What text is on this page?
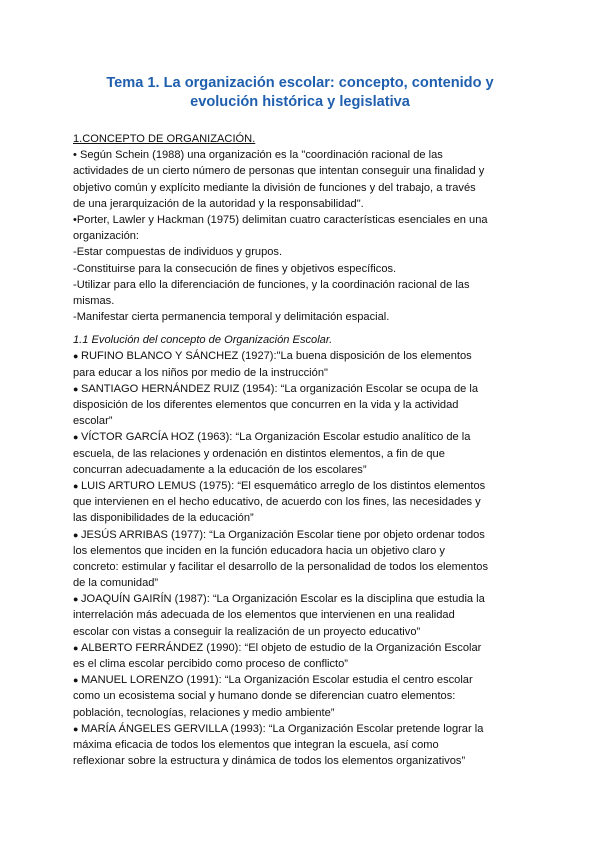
Tema 1. La organización escolar: concepto, contenido y
evolución histórica y legislativa
1.CONCEPTO DE ORGANIZACIÓN.
• Según Schein (1988) una organización es la "coordinación racional de las
actividades de un cierto número de personas que intentan conseguir una finalidad y
objetivo común y explícito mediante la división de funciones y del trabajo, a través
de una jerarquización de la autoridad y la responsabilidad".
•Porter, Lawler y Hackman (1975) delimitan cuatro características esenciales en una
organización:
-Estar compuestas de individuos y grupos.
-Constituirse para la consecución de fines y objetivos específicos.
-Utilizar para ello la diferenciación de funciones, y la coordinación racional de las
mismas.
-Manifestar cierta permanencia temporal y delimitación espacial.
1.1 Evolución del concepto de Organización Escolar.
● RUFINO BLANCO Y SÁNCHEZ (1927):"La buena disposición de los elementos
para educar a los niños por medio de la instrucción"
● SANTIAGO HERNÁNDEZ RUIZ (1954): “La organización Escolar se ocupa de la
disposición de los diferentes elementos que concurren en la vida y la actividad
escolar”
● VÍCTOR GARCÍA HOZ (1963): “La Organización Escolar estudio analítico de la
escuela, de las relaciones y ordenación en distintos elementos, a fin de que
concurran adecuadamente a la educación de los escolares”
● LUIS ARTURO LEMUS (1975): “El esquemático arreglo de los distintos elementos
que intervienen en el hecho educativo, de acuerdo con los fines, las necesidades y
las disponibilidades de la educación”
● JESÚS ARRIBAS (1977): “La Organización Escolar tiene por objeto ordenar todos
los elementos que inciden en la función educadora hacia un objetivo claro y
concreto: estimular y facilitar el desarrollo de la personalidad de todos los elementos
de la comunidad”
● JOAQUÍN GAIRÍN (1987): “La Organización Escolar es la disciplina que estudia la
interrelación más adecuada de los elementos que intervienen en una realidad
escolar con vistas a conseguir la realización de un proyecto educativo”
● ALBERTO FERRÁNDEZ (1990): “El objeto de estudio de la Organización Escolar
es el clima escolar percibido como proceso de conflicto”
● MANUEL LORENZO (1991): “La Organización Escolar estudia el centro escolar
como un ecosistema social y humano donde se diferencian cuatro elementos:
población, tecnologías, relaciones y medio ambiente”
● MARÍA ÁNGELES GERVILLA (1993): “La Organización Escolar pretende lograr la
máxima eficacia de todos los elementos que integran la escuela, así como
reflexionar sobre la estructura y dinámica de todos los elementos organizativos”
